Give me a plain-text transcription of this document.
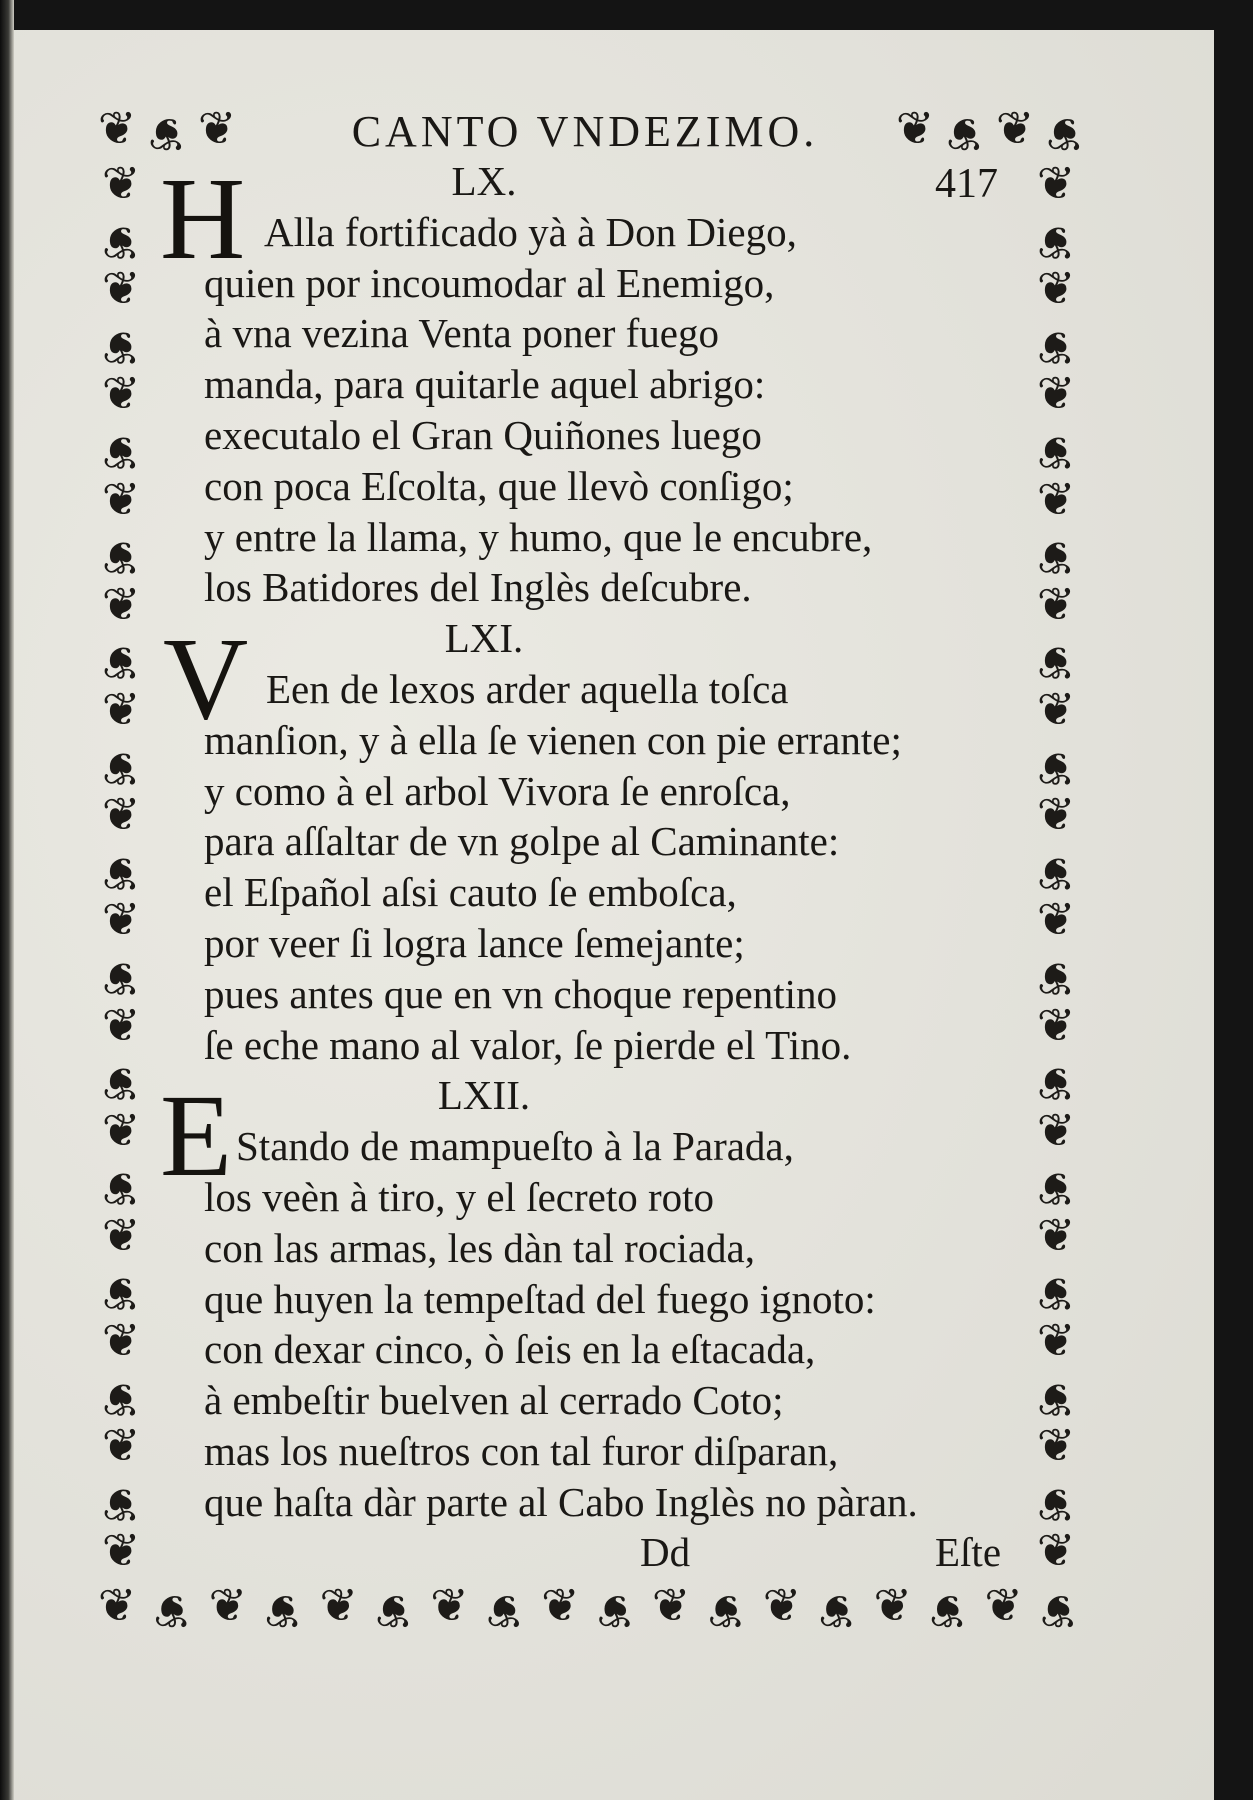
❦ ❦ ❦	❦ ❦ ❦ ❦
❦
❦
❦
❦
❦
❦
❦
❦
❦
❦
❦
❦
❦
❦
❦
❦
❦
❦
❦
❦
❦
❦
❦
❦
❦
❦
❦
❦
❦
❦
❦
❦
❦
❦
❦
❦
❦
❦
❦
❦
❦
❦
❦
❦
❦
❦
❦
❦
❦
❦
❦
❦
❦
❦
❦ ❦ ❦ ❦ ❦ ❦ ❦ ❦ ❦ ❦ ❦ ❦ ❦ ❦ ❦ ❦ ❦ ❦
CANTO VNDEZIMO.
417
H
V
E
LX.
Alla fortificado yà à Don Diego,
quien por incoumodar al Enemigo,
à vna vezina Venta poner fuego
manda, para quitarle aquel abrigo:
executalo el Gran Quiñones luego
con poca Eſcolta, que llevò conſigo;
y entre la llama, y humo, que le encubre,
los Batidores del Inglès deſcubre.
LXI.
Een de lexos arder aquella toſca
manſion, y à ella ſe vienen con pie errante;
y como à el arbol Vivora ſe enroſca,
para aſſaltar de vn golpe al Caminante:
el Eſpañol aſsi cauto ſe emboſca,
por veer ſi logra lance ſemejante;
pues antes que en vn choque repentino
ſe eche mano al valor, ſe pierde el Tino.
LXII.
Stando de mampueſto à la Parada,
los veèn à tiro, y el ſecreto roto
con las armas, les dàn tal rociada,
que huyen la tempeſtad del fuego ignoto:
con dexar cinco, ò ſeis en la eſtacada,
à embeſtir buelven al cerrado Coto;
mas los nueſtros con tal furor diſparan,
que haſta dàr parte al Cabo Inglès no pàran.
Dd	Eſte
